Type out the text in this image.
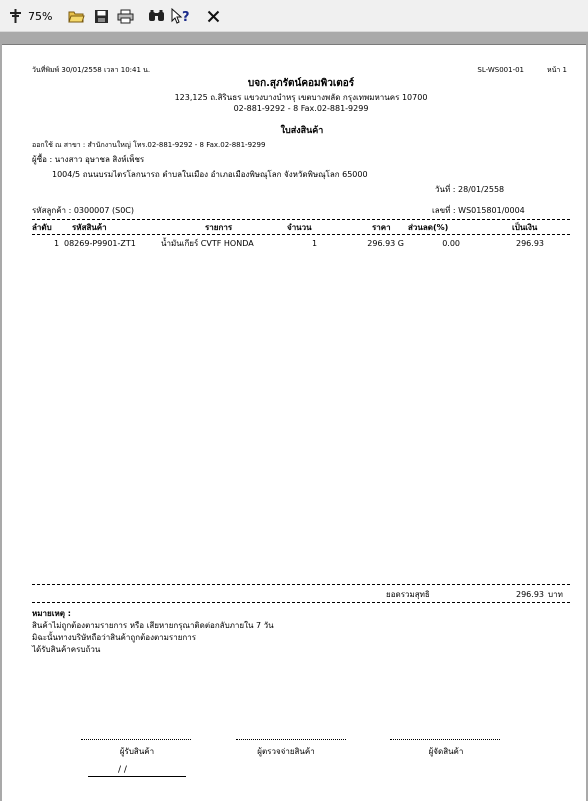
75%	?
วันที่พิมพ์ 30/01/2558 เวลา 10:41 น.	SL-WS001-01	หน้า 1
บจก.สุภรัตน์คอมพิวเตอร์
123,125 ถ.สิรินธร แขวงบางบำหรุ เขตบางพลัด กรุงเทพมหานคร 10700
02-881-9292 - 8 Fax.02-881-9299
ใบส่งสินค้า
ออกใช้ ณ สาขา : สำนักงานใหญ่ โทร.02-881-9292 - 8 Fax.02-881-9299
ผู้ซื้อ : นางสาว อุษาชล สิงห์เพ็ชร
1004/5 ถนนบรมไตรโลกนารถ ตำบลในเมือง อำเภอเมืองพิษณุโลก จังหวัดพิษณุโลก 65000
วันที่ : 28/01/2558
รหัสลูกค้า : 0300007 (S0C)	เลขที่ : WS015801/0004
ลำดับ	รหัสสินค้า	รายการ	จำนวน	ราคา ส่วนลด(%)	เป็นเงิน
1 08269-P9901-ZT1	น้ำมันเกียร์ CVTF HONDA	1	296.93 G	0.00	296.93
ยอดรวมสุทธิ	296.93 บาท
หมายเหตุ :
สินค้าไม่ถูกต้องตามรายการ หรือ เสียหายกรุณาติดต่อกลับภายใน 7 วัน
มิฉะนั้นทางบริษัทถือว่าสินค้าถูกต้องตามรายการ
ได้รับสินค้าครบถ้วน
ผู้รับสินค้า	ผู้ตรวจจ่ายสินค้า	ผู้จัดสินค้า
/ /
